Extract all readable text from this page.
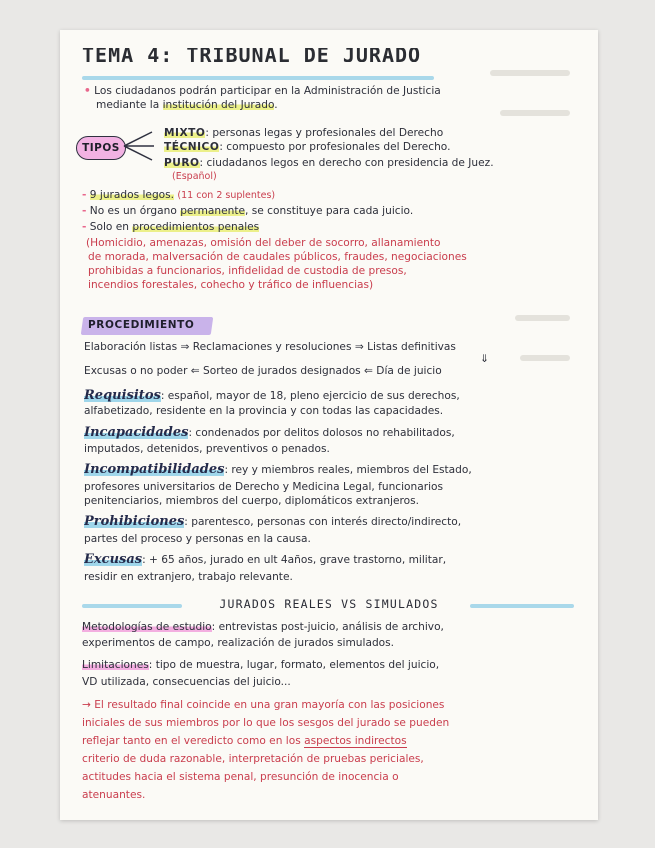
TEMA 4: TRIBUNAL DE JURADO
• Los ciudadanos podrán participar en la Administración de Justicia
mediante la institución del Jurado.
TIPOS
MIXTO: personas legas y profesionales del Derecho
TÉCNICO: compuesto por profesionales del Derecho.
PURO: ciudadanos legos en derecho con presidencia de Juez.
(Español)
- 9 jurados legos. (11 con 2 suplentes)
- No es un órgano permanente, se constituye para cada juicio.
- Solo en procedimientos penales
(Homicidio, amenazas, omisión del deber de socorro, allanamiento
de morada, malversación de caudales públicos, fraudes, negociaciones
prohibidas a funcionarios, infidelidad de custodia de presos,
incendios forestales, cohecho y tráfico de influencias)
PROCEDIMIENTO
Elaboración listas ⇒ Reclamaciones y resoluciones ⇒ Listas definitivas
⇓
Excusas o no poder ⇐ Sorteo de jurados designados ⇐ Día de juicio
Requisitos: español, mayor de 18, pleno ejercicio de sus derechos,
alfabetizado, residente en la provincia y con todas las capacidades.
Incapacidades: condenados por delitos dolosos no rehabilitados,
imputados, detenidos, preventivos o penados.
Incompatibilidades: rey y miembros reales, miembros del Estado,
profesores universitarios de Derecho y Medicina Legal, funcionarios
penitenciarios, miembros del cuerpo, diplomáticos extranjeros.
Prohibiciones: parentesco, personas con interés directo/indirecto,
partes del proceso y personas en la causa.
Excusas: + 65 años, jurado en ult 4años, grave trastorno, militar,
residir en extranjero, trabajo relevante.
JURADOS REALES VS SIMULADOS
Metodologías de estudio: entrevistas post-juicio, análisis de archivo,
experimentos de campo, realización de jurados simulados.
Limitaciones: tipo de muestra, lugar, formato, elementos del juicio,
VD utilizada, consecuencias del juicio...
→ El resultado final coincide en una gran mayoría con las posiciones
iniciales de sus miembros por lo que los sesgos del jurado se pueden
reflejar tanto en el veredicto como en los aspectos indirectos
criterio de duda razonable, interpretación de pruebas periciales,
actitudes hacia el sistema penal, presunción de inocencia o
atenuantes.
